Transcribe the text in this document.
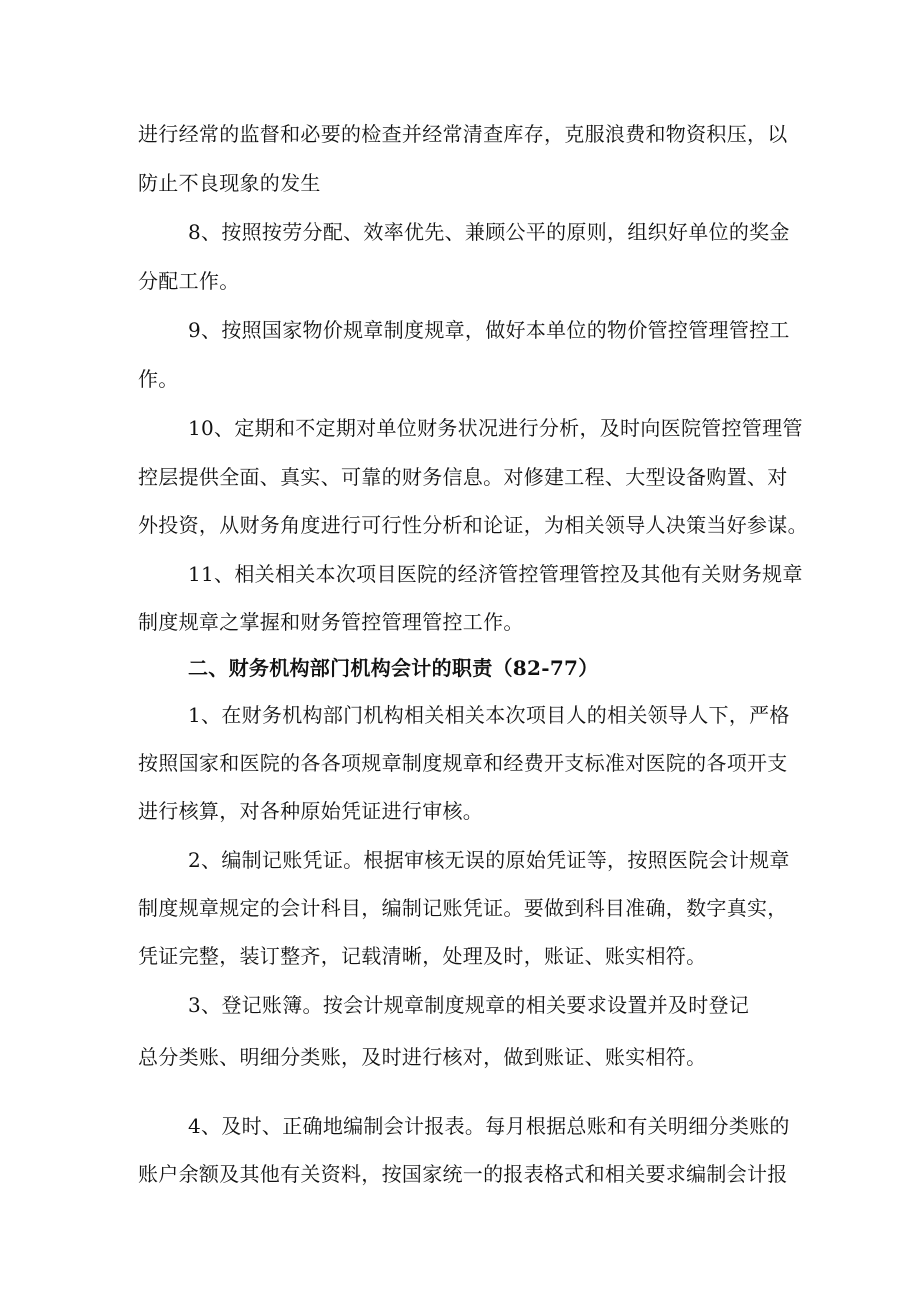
进行经常的监督和必要的检查并经常清查库存，克服浪费和物资积压，以
防止不良现象的发生
8、按照按劳分配、效率优先、兼顾公平的原则，组织好单位的奖金
分配工作。
9、按照国家物价规章制度规章，做好本单位的物价管控管理管控工
作。
10、定期和不定期对单位财务状况进行分析，及时向医院管控管理管
控层提供全面、真实、可靠的财务信息。对修建工程、大型设备购置、对
外投资，从财务角度进行可行性分析和论证，为相关领导人决策当好参谋。
11、相关相关本次项目医院的经济管控管理管控及其他有关财务规章
制度规章之掌握和财务管控管理管控工作。
二、财务机构部门机构会计的职责（82-77）
1、在财务机构部门机构相关相关本次项目人的相关领导人下，严格
按照国家和医院的各各项规章制度规章和经费开支标准对医院的各项开支
进行核算，对各种原始凭证进行审核。
2、编制记账凭证。根据审核无误的原始凭证等，按照医院会计规章
制度规章规定的会计科目，编制记账凭证。要做到科目准确，数字真实，
凭证完整，装订整齐，记载清晰，处理及时，账证、账实相符。
3、登记账簿。按会计规章制度规章的相关要求设置并及时登记
总分类账、明细分类账，及时进行核对，做到账证、账实相符。
4、及时、正确地编制会计报表。每月根据总账和有关明细分类账的
账户余额及其他有关资料，按国家统一的报表格式和相关要求编制会计报
